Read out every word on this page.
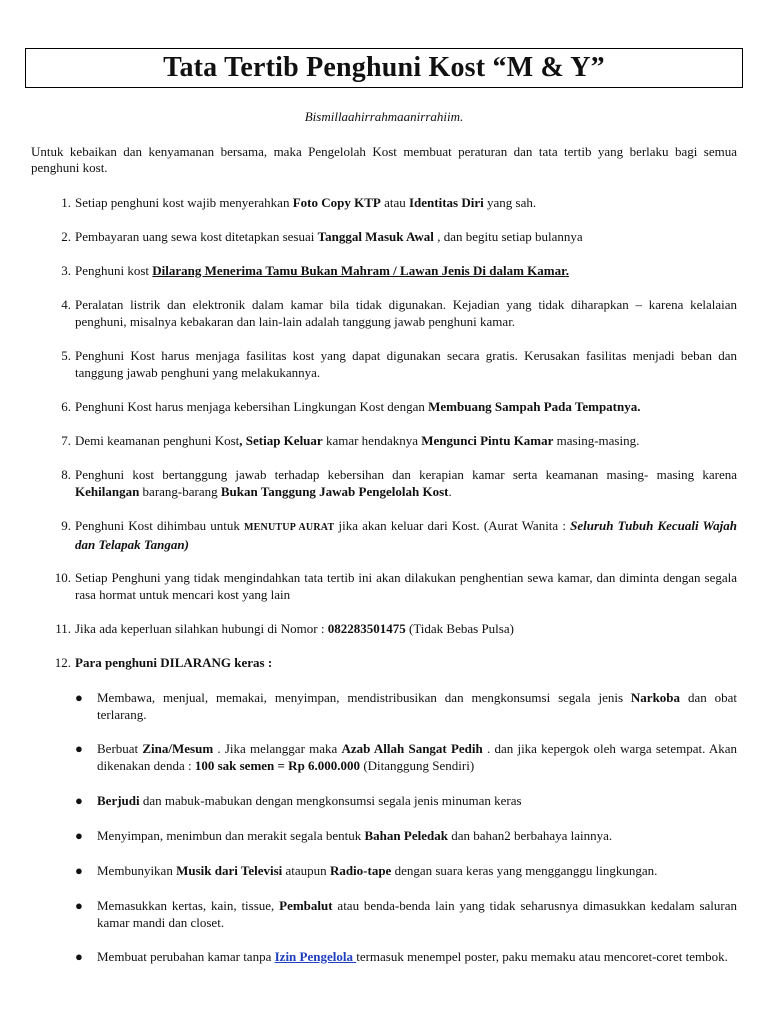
Tata Tertib Penghuni Kost “M & Y”
Bismillaahirrahmaanirrahiim.
Untuk kebaikan dan kenyamanan bersama, maka Pengelolah Kost membuat peraturan dan tata tertib yang berlaku bagi semua penghuni kost.
1. Setiap penghuni kost wajib menyerahkan Foto Copy KTP atau Identitas Diri yang sah.
2. Pembayaran uang sewa kost ditetapkan sesuai Tanggal Masuk Awal , dan begitu setiap bulannya
3. Penghuni kost Dilarang Menerima Tamu Bukan Mahram / Lawan Jenis Di dalam Kamar.
4. Peralatan listrik dan elektronik dalam kamar bila tidak digunakan. Kejadian yang tidak diharapkan – karena kelalaian penghuni, misalnya kebakaran dan lain-lain adalah tanggung jawab penghuni kamar.
5. Penghuni Kost harus menjaga fasilitas kost yang dapat digunakan secara gratis. Kerusakan fasilitas menjadi beban dan tanggung jawab penghuni yang melakukannya.
6. Penghuni Kost harus menjaga kebersihan Lingkungan Kost dengan Membuang Sampah Pada Tempatnya.
7. Demi keamanan penghuni Kost, Setiap Keluar kamar hendaknya Mengunci Pintu Kamar masing-masing.
8. Penghuni kost bertanggung jawab terhadap kebersihan dan kerapian kamar serta keamanan masing- masing karena Kehilangan barang-barang Bukan Tanggung Jawab Pengelolah Kost.
9. Penghuni Kost dihimbau untuk MENUTUP AURAT jika akan keluar dari Kost. (Aurat Wanita : Seluruh Tubuh Kecuali Wajah dan Telapak Tangan)
10. Setiap Penghuni yang tidak mengindahkan tata tertib ini akan dilakukan penghentian sewa kamar, dan diminta dengan segala rasa hormat untuk mencari kost yang lain
11. Jika ada keperluan silahkan hubungi di Nomor : 082283501475 (Tidak Bebas Pulsa)
12. Para penghuni DILARANG keras :
● Membawa, menjual, memakai, menyimpan, mendistribusikan dan mengkonsumsi segala jenis Narkoba dan obat terlarang.
● Berbuat Zina/Mesum . Jika melanggar maka Azab Allah Sangat Pedih . dan jika kepergok oleh warga setempat. Akan dikenakan denda : 100 sak semen = Rp 6.000.000 (Ditanggung Sendiri)
● Berjudi dan mabuk-mabukan dengan mengkonsumsi segala jenis minuman keras
● Menyimpan, menimbun dan merakit segala bentuk Bahan Peledak dan bahan2 berbahaya lainnya.
● Membunyikan Musik dari Televisi ataupun Radio-tape dengan suara keras yang mengganggu lingkungan.
● Memasukkan kertas, kain, tissue, Pembalut atau benda-benda lain yang tidak seharusnya dimasukkan kedalam saluran kamar mandi dan closet.
● Membuat perubahan kamar tanpa Izin Pengelola termasuk menempel poster, paku memaku atau mencoret-coret tembok.
